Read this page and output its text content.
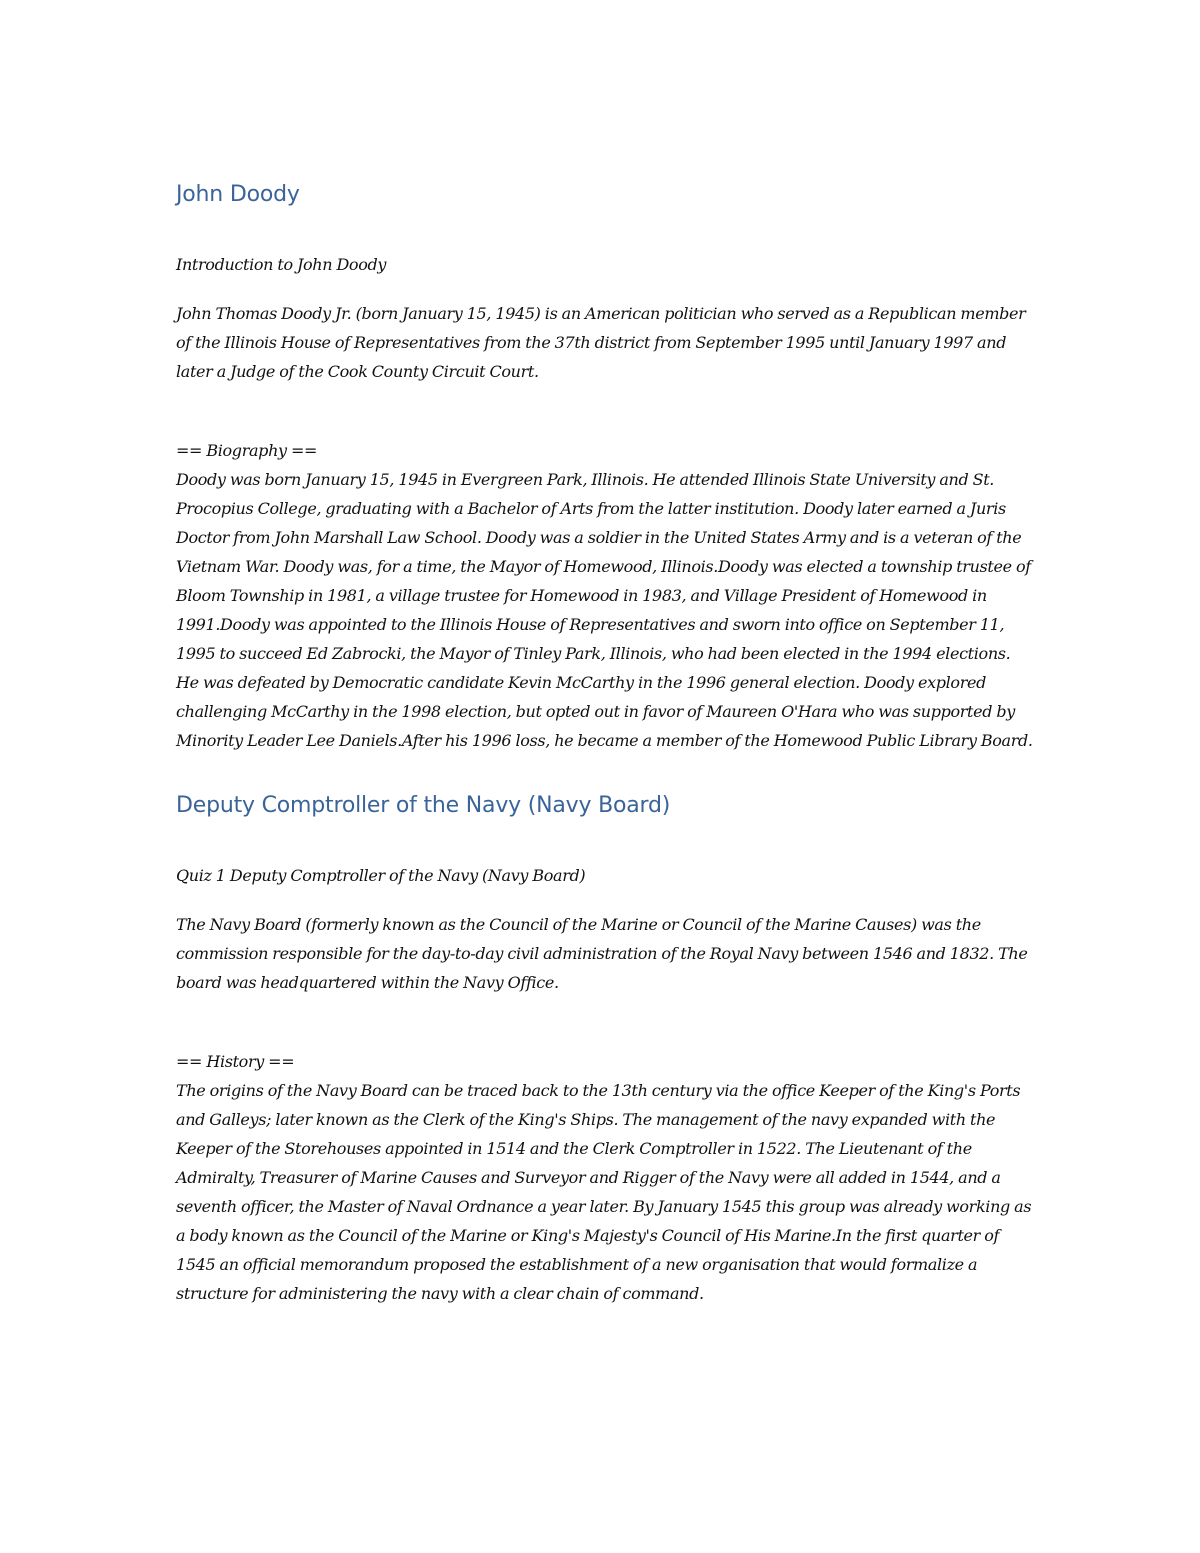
John Doody

Introduction to John Doody

John Thomas Doody Jr. (born January 15, 1945) is an American politician who served as a Republican member of the Illinois House of Representatives from the 37th district from September 1995 until January 1997 and later a Judge of the Cook County Circuit Court.

== Biography ==

Doody was born January 15, 1945 in Evergreen Park, Illinois. He attended Illinois State University and St. Procopius College, graduating with a Bachelor of Arts from the latter institution. Doody later earned a Juris Doctor from John Marshall Law School. Doody was a soldier in the United States Army and is a veteran of the Vietnam War. Doody was, for a time, the Mayor of Homewood, Illinois.Doody was elected a township trustee of Bloom Township in 1981, a village trustee for Homewood in 1983, and Village President of Homewood in 1991.Doody was appointed to the Illinois House of Representatives and sworn into office on September 11, 1995 to succeed Ed Zabrocki, the Mayor of Tinley Park, Illinois, who had been elected in the 1994 elections. He was defeated by Democratic candidate Kevin McCarthy in the 1996 general election. Doody explored challenging McCarthy in the 1998 election, but opted out in favor of Maureen O'Hara who was supported by Minority Leader Lee Daniels.After his 1996 loss, he became a member of the Homewood Public Library Board.

Deputy Comptroller of the Navy (Navy Board)

Quiz 1 Deputy Comptroller of the Navy (Navy Board)

The Navy Board (formerly known as the Council of the Marine or Council of the Marine Causes) was the commission responsible for the day-to-day civil administration of the Royal Navy between 1546 and 1832. The board was headquartered within the Navy Office.

== History ==

The origins of the Navy Board can be traced back to the 13th century via the office Keeper of the King's Ports and Galleys; later known as the Clerk of the King's Ships. The management of the navy expanded with the Keeper of the Storehouses appointed in 1514 and the Clerk Comptroller in 1522. The Lieutenant of the Admiralty, Treasurer of Marine Causes and Surveyor and Rigger of the Navy were all added in 1544, and a seventh officer, the Master of Naval Ordnance a year later. By January 1545 this group was already working as a body known as the Council of the Marine or King's Majesty's Council of His Marine.In the first quarter of 1545 an official memorandum proposed the establishment of a new organisation that would formalize a structure for administering the navy with a clear chain of command.
